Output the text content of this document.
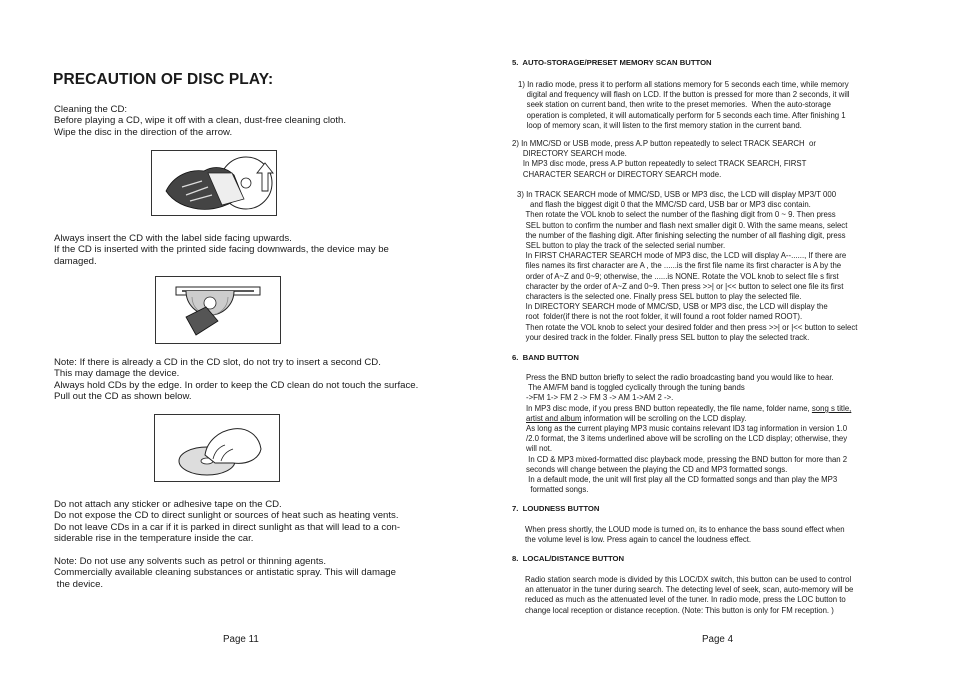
PRECAUTION OF DISC PLAY:
Cleaning the CD:
Before playing a CD, wipe it off with a clean, dust-free cleaning cloth.
Wipe the disc in the direction of the arrow.
Always insert the CD with the label side facing upwards.
If the CD is inserted with the printed side facing downwards, the device may be
damaged.
Note: If there is already a CD in the CD slot, do not try to insert a second CD.
This may damage the device.
Always hold CDs by the edge. In order to keep the CD clean do not touch the surface.
Pull out the CD as shown below.
Do not attach any sticker or adhesive tape on the CD.
Do not expose the CD to direct sunlight or sources of heat such as heating vents.
Do not leave CDs in a car if it is parked in direct sunlight as that will lead to a con-
siderable rise in the temperature inside the car.
Note: Do not use any solvents such as petrol or thinning agents.
Commercially available cleaning substances or antistatic spray. This will damage
the device.
Page 11
5.  AUTO-STORAGE/PRESET MEMORY SCAN BUTTON
1) In radio mode, press it to perform all stations memory for 5 seconds each time, while memory
digital and frequency will flash on LCD. If the button is pressed for more than 2 seconds, it will
seek station on current band, then write to the preset memories.  When the auto-storage
operation is completed, it will automatically perform for 5 seconds each time. After finishing 1
loop of memory scan, it will listen to the first memory station in the current band.
2) In MMC/SD or USB mode, press A.P button repeatedly to select TRACK SEARCH  or
DIRECTORY SEARCH mode.
In MP3 disc mode, press A.P button repeatedly to select TRACK SEARCH, FIRST
CHARACTER SEARCH or DIRECTORY SEARCH mode.
3) In TRACK SEARCH mode of MMC/SD, USB or MP3 disc, the LCD will display MP3/T 000
and flash the biggest digit 0 that the MMC/SD card, USB bar or MP3 disc contain.
Then rotate the VOL knob to select the number of the flashing digit from 0 ~ 9. Then press
SEL button to confirm the number and flash next smaller digit 0. With the same means, select
the number of the flashing digit. After finishing selecting the number of all flashing digit, press
SEL button to play the track of the selected serial number.
In FIRST CHARACTER SEARCH mode of MP3 disc, the LCD will display A--......, If there are
files names its first character are A , the ......is the first file name its first character is A by the
order of A~Z and 0~9; otherwise, the ......is NONE. Rotate the VOL knob to select file s first
character by the order of A~Z and 0~9. Then press >>| or |<< button to select one file its first
characters is the selected one. Finally press SEL button to play the selected file.
In DIRECTORY SEARCH mode of MMC/SD, USB or MP3 disc, the LCD will display the
root  folder(if there is not the root folder, it will found a root folder named ROOT).
Then rotate the VOL knob to select your desired folder and then press >>| or |<< button to select
your desired track in the folder. Finally press SEL button to play the selected track.
6.  BAND BUTTON
Press the BND button briefly to select the radio broadcasting band you would like to hear.
The AM/FM band is toggled cyclically through the tuning bands
->FM 1-> FM 2 -> FM 3 -> AM 1->AM 2 ->.
In MP3 disc mode, if you press BND button repeatedly, the file name, folder name, song s title,
artist and album information will be scrolling on the LCD display.
As long as the current playing MP3 music contains relevant ID3 tag information in version 1.0
/2.0 format, the 3 items underlined above will be scrolling on the LCD display; otherwise, they
will not.
In CD & MP3 mixed-formatted disc playback mode, pressing the BND button for more than 2
seconds will change between the playing the CD and MP3 formatted songs.
In a default mode, the unit will first play all the CD formatted songs and than play the MP3
formatted songs.
7.  LOUDNESS BUTTON
When press shortly, the LOUD mode is turned on, its to enhance the bass sound effect when
the volume level is low. Press again to cancel the loudness effect.
8.  LOCAL/DISTANCE BUTTON
Radio station search mode is divided by this LOC/DX switch, this button can be used to control
an attenuator in the tuner during search. The detecting level of seek, scan, auto-memory will be
reduced as much as the attenuated level of the tuner. In radio mode, press the LOC button to
change local reception or distance reception. (Note: This button is only for FM reception. )
Page 4
